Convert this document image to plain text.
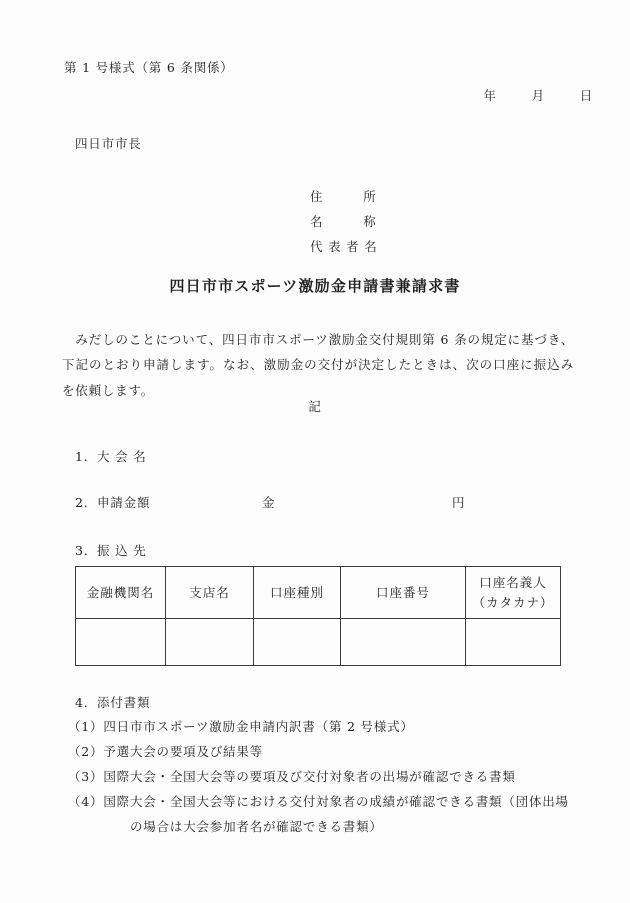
第 1 号様式（第 6 条関係）
年	月	日
四日市市長
住　　　所
名　　　称
代 表 者 名
四日市市スポーツ激励金申請書兼請求書
　みだしのことについて、四日市市スポーツ激励金交付規則第 6 条の規定に基づき、下記のとおり申請します。なお、激励金の交付が決定したときは、次の口座に振込みを依頼します。
記
1．大 会 名
2．申請金額	金	円
3．振 込 先
金融機関名	支店名	口座種別	口座番号	口座名義人
（カタカナ）

4．添付書類
（1）四日市市スポーツ激励金申請内訳書（第 2 号様式）
（2）予選大会の要項及び結果等
（3）国際大会・全国大会等の要項及び交付対象者の出場が確認できる書類
（4）国際大会・全国大会等における交付対象者の成績が確認できる書類（団体出場の場合は大会参加者名が確認できる書類）
